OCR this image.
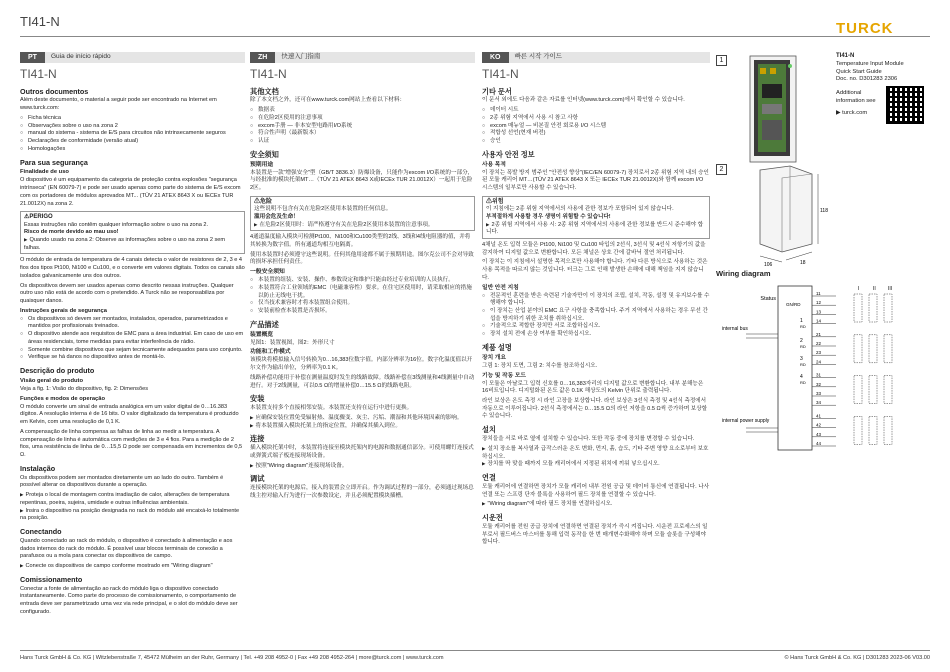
TI41-N	TURCK
PT	Guia de início rápido
TI41-N
Outros documentos

Além deste documento, o material a seguir pode ser encontrado na Internet em www.turck.com:

○ Ficha técnica
○ Observações sobre o uso na zona 2
○ manual do sistema - sistema de E/S para circuitos não intrinsecamente seguros
○ Declarações de conformidade (versão atual)
○ Homologações
Para sua segurança
Finalidade de uso

O dispositivo é um equipamento da categoria de proteção contra explosões "segurança intrínseca" (EN 60079-7) e pode ser usado apenas como parte do sistema de E/S excom com os portadores de módulos aprovados MT... (TÜV 21 ATEX 8643 X ou IECEx TUR 21.0012X) na zona 2.

⚠ PERIGO
Essas instruções não contêm qualquer informação sobre o uso na zona 2.
Risco de morte devido ao mau uso!
▶ Quando usado na zona 2: Observe as informações sobre o uso na zona 2 sem falhas.

O módulo de entrada de temperatura de 4 canais detecta o valor de resistores de 2, 3 e 4 fios dos tipos Pt100, Ni100 e Cu100, e o converte em valores digitais. Todos os canais são isolados galvanicamente uns dos outros.

Os dispositivos devem ser usados apenas como descrito nessas instruções. Qualquer outro uso não está de acordo com o pretendido. A Turck não se responsabiliza por quaisquer danos.

Instruções gerais de segurança
○ Os dispositivos só devem ser montados, instalados, operados, parametrizados e mantidos por profissionais treinados.
○ O dispositivo atende aos requisitos de EMC para a área industrial. Em caso de uso em áreas residenciais, tome medidas para evitar interferência de rádio.
○ Somente combine dispositivos que sejam tecnicamente adequados para uso conjunto.
○ Verifique se há danos no dispositivo antes de montá-lo.
Descrição do produto
Visão geral do produto

Veja a fig. 1: Visão do dispositivo, fig. 2: Dimensões

Funções e modos de operação

O módulo converte um sinal de entrada analógica em um valor digital de 0…16.383 dígitos. A resolução interna é de 16 bits. O valor digitalizado da temperatura é produzido em Kelvin, com uma resolução de 0,1 K.

A compensação de linha compensa as falhas de linha ao medir a temperatura. A compensação de linha é automática com medições de 3 e 4 fios. Para a medição de 2 fios, uma resistência de linha de 0…15,5 Ω pode ser compensada em incrementos de 0,5 Ω.

Instalação

Os dispositivos podem ser montados diretamente um ao lado do outro. Também é possível alterar os dispositivos durante a operação.

▶ Proteja o local de montagem contra irradiação de calor, alterações de temperatura repentinas, poeira, sujeira, umidade e outras influências ambientais.
▶ Insira o dispositivo na posição designada no rack do módulo até encaixá-lo totalmente na posição.
Conectando

Quando conectado ao rack do módulo, o dispositivo é conectado à alimentação e aos dados internos do rack do módulo. É possível usar blocos terminais de conexão a parafusos ou a mola para conectar os dispositivos de campo.

▶ Conecte os dispositivos de campo conforme mostrado em "Wiring diagram"
Comissionamento

Conectar a fonte de alimentação ao rack do módulo liga o dispositivo conectado instantaneamente. Como parte do processo de comissionamento, o comportamento de entrada deve ser parametrizado uma vez via rede principal, e o slot do módulo deve ser configurado.

ZH	快速入门指南
TI41-N
其他文档

除了本文档之外，还可在www.turck.com网站上查看以下材料：

○ 数据表
○ 在危险2区使用的注意事项
○ excom手册 — 非本安型电路用I/O系统
○ 符合性声明（最新版本）
○ 认证
安全须知
预期用途

本装置是一款"增强安全"型（GB/T 3836.3）防爆设备，只能作为excom I/O系统的一部分，与经批准的模块托架MT…（TÜV 21 ATEX 8643 X或IECEx TUR 21.0012X）一起用于危险2区。

⚠ 危险
这些说明不包含有关在危险2区使用本装置的任何信息。
滥用会危及生命！
▶ 在危险2区使用时：请严格遵守有关在危险2区使用本装置的注意事项。

4通道温度输入模块可检测Pt100、Ni100和Cu100类型的2线、3线和4线电阻器的值，并将其转换为数字值。所有通道均相互电隔离。

使用本装置时必须遵守这些说明。任何其他用途都不属于预期用途。图尔克公司不会对导致的损坏承担任何责任。

一般安全须知
○ 本装置的组装、安装、操作、参数设定和维护只能由经过专业培训的人员执行。
○ 本装置符合工业领域的EMC（电磁兼容性）要求。在住宅区使用时，请采取相应的措施以防止无线电干扰。
○ 仅当技术兼容时才将本装置组合使用。
○ 安装前检查本装置是否损坏。
产品描述
装置概览

见图1：装置视图，图2：外形尺寸

功能和工作模式

该模块将模拟输入信号转换为0…16,383位数字值。内部分辨率为16位。数字化温度值以开尔文作为输出单位，分辨率为0.1 K。

线路补偿功能用于补偿在测量温度时发生的线路故障。线路补偿在3线测量和4线测量中自动进行。对于2线测量，可以0.5 Ω的增量补偿0…15.5 Ω的线路电阻。

安装

本装置支持多个直接相邻安装。本装置还支持在运行中进行更换。

▶ 应确保安装位置免受辐射热、温度骤变、灰尘、污垢、潮湿和其他环境因素的影响。
▶ 将本装置插入模块托架上的指定位置，并确保其插入到位。
连接

插入模块托架中时，本装置将连接至模块托架内的电源和数据通信部分。可使用螺钉连接式或弹簧式端子板连接现场设备。

▶ 按照"Wiring diagram"连接现场设备。
调试

连接模块托架的电源后，接入的装置会立即开启。作为调试过程的一部分，必须通过现场总线主控对输入行为进行一次参数设定，并且必须配置模块插槽。

KO	빠른 시작 가이드
TI41-N
기타 문서

이 문서 외에도 다음과 같은 자료를 인터넷(www.turck.com)에서 확인할 수 있습니다.

○ 데이터 시트
○ 2종 위험 지역에서 사용 시 참고 사항
○ excom 매뉴얼 — 비본질 안전 회로용 I/O 시스템
○ 적합성 선언(현재 버전)
○ 승인
사용자 안전 정보
사용 목적

이 장치는 폭발 방지 범주인 "안전성 향상"(IEC/EN 60079-7) 장치로서 2종 위험 지역 내의 승인된 모듈 캐리어 MT…(TÜV 21 ATEX 8643 X 또는 IECEx TUR 21.0012X)와 함께 excom I/O 시스템의 일부로만 사용할 수 있습니다.

⚠ 위험
이 지침에는 2종 위험 지역에서의 사용에 관한 정보가 포함되어 있지 않습니다.
부적절하게 사용할 경우 생명이 위험할 수 있습니다!
▶ 2종 위험 지역에서 사용 시: 2종 위험 지역에서의 사용에 관한 정보를 반드시 준수해야 합니다.

4채널 온도 입력 모듈은 Pt100, Ni100 및 Cu100 타입의 2선식, 3선식 및 4선식 저항기의 값을 감지하여 디지털 값으로 변환합니다. 모든 채널은 상호 간에 갈바닉 절연 처리됩니다.

이 장치는 이 지침에서 설명한 목적으로만 사용해야 합니다. 기타 다른 방식으로 사용하는 것은 사용 목적을 따르지 않는 것입니다. 터크는 그로 인해 발생한 손해에 대해 책임을 지지 않습니다.

일반 안전 지침
○ 전문적인 훈련을 받은 숙련된 기술자만이 이 장치의 조립, 설치, 작동, 설정 및 유지보수를 수행해야 합니다.
○ 이 장치는 산업 분야의 EMC 요구 사항을 충족합니다. 주거 지역에서 사용하는 경우 무선 간섭을 방지하기 위한 조치를 취하십시오.
○ 기술적으로 적합한 장치만 서로 조합하십시오.
○ 장치 설치 전에 손상 여부를 확인하십시오.
제품 설명
장치 개요

그림 1: 장치 도면, 그림 2: 치수를 참조하십시오.

기능 및 작동 모드

이 모듈은 아날로그 입력 신호를 0…16,383자리의 디지털 값으로 변환합니다. 내부 분해능은 16비트입니다. 디지털화된 온도 값은 0.1K 해상도의 Kelvin 단위로 출력됩니다.

라인 보상은 온도 측정 시 라인 고장을 보상합니다. 라인 보상은 3선식 측정 및 4선식 측정에서 자동으로 이루어집니다. 2선식 측정에서는 0…15.5 Ω의 라인 저항을 0.5 Ω씩 증가하며 보상할 수 있습니다.

설치

장치들을 서로 바로 옆에 설치할 수 있습니다. 또한 작동 중에 장치를 변경할 수 있습니다.

▶ 설치 장소를 복사열과 급작스러운 온도 변화, 먼지, 흙, 습도, 기타 주변 영향 요소로부터 보호하십시오.
▶ 장치를 딱 맞을 때까지 모듈 캐리어에서 지정된 위치에 끼워 넣으십시오.
연결

모듈 캐리어에 연결하면 장치가 모듈 캐리어 내부 전원 공급 및 데이터 통신에 연결됩니다. 나사 연결 또는 스프링 단자 블록을 사용하여 필드 장치를 연결할 수 있습니다.

▶ "Wiring diagram"에 따라 필드 장치를 연결하십시오.
시운전

모듈 캐리어를 전원 공급 장치에 연결하면 연결된 장치가 즉시 켜집니다. 시운전 프로세스의 일부로서 필드버스 마스터를 통해 입력 동작을 한 번 매개변수화해야 하며 모듈 슬롯을 구성해야 합니다.

1
TI41-N
Temperature Input Module
Quick Start Guide
Doc. no. D301283 2306
Additional information see
▶ turck.com
2
118
106	18
Wiring diagram
Status
GN/RD
I	II III
internal bus
internal power supply
1
RD
2
RD
3
RD
4
RD
11
12
13
14
21
22
23
24
31
32
33
34
41
42
43
44
Hans Turck GmbH & Co. KG | Witzlebenstraße 7, 45472 Mülheim an der Ruhr, Germany | Tel. +49 208 4952-0 | Fax +49 208 4952-264 | more@turck.com | www.turck.com	© Hans Turck GmbH & Co. KG | D301283 2023-06 V03.00
